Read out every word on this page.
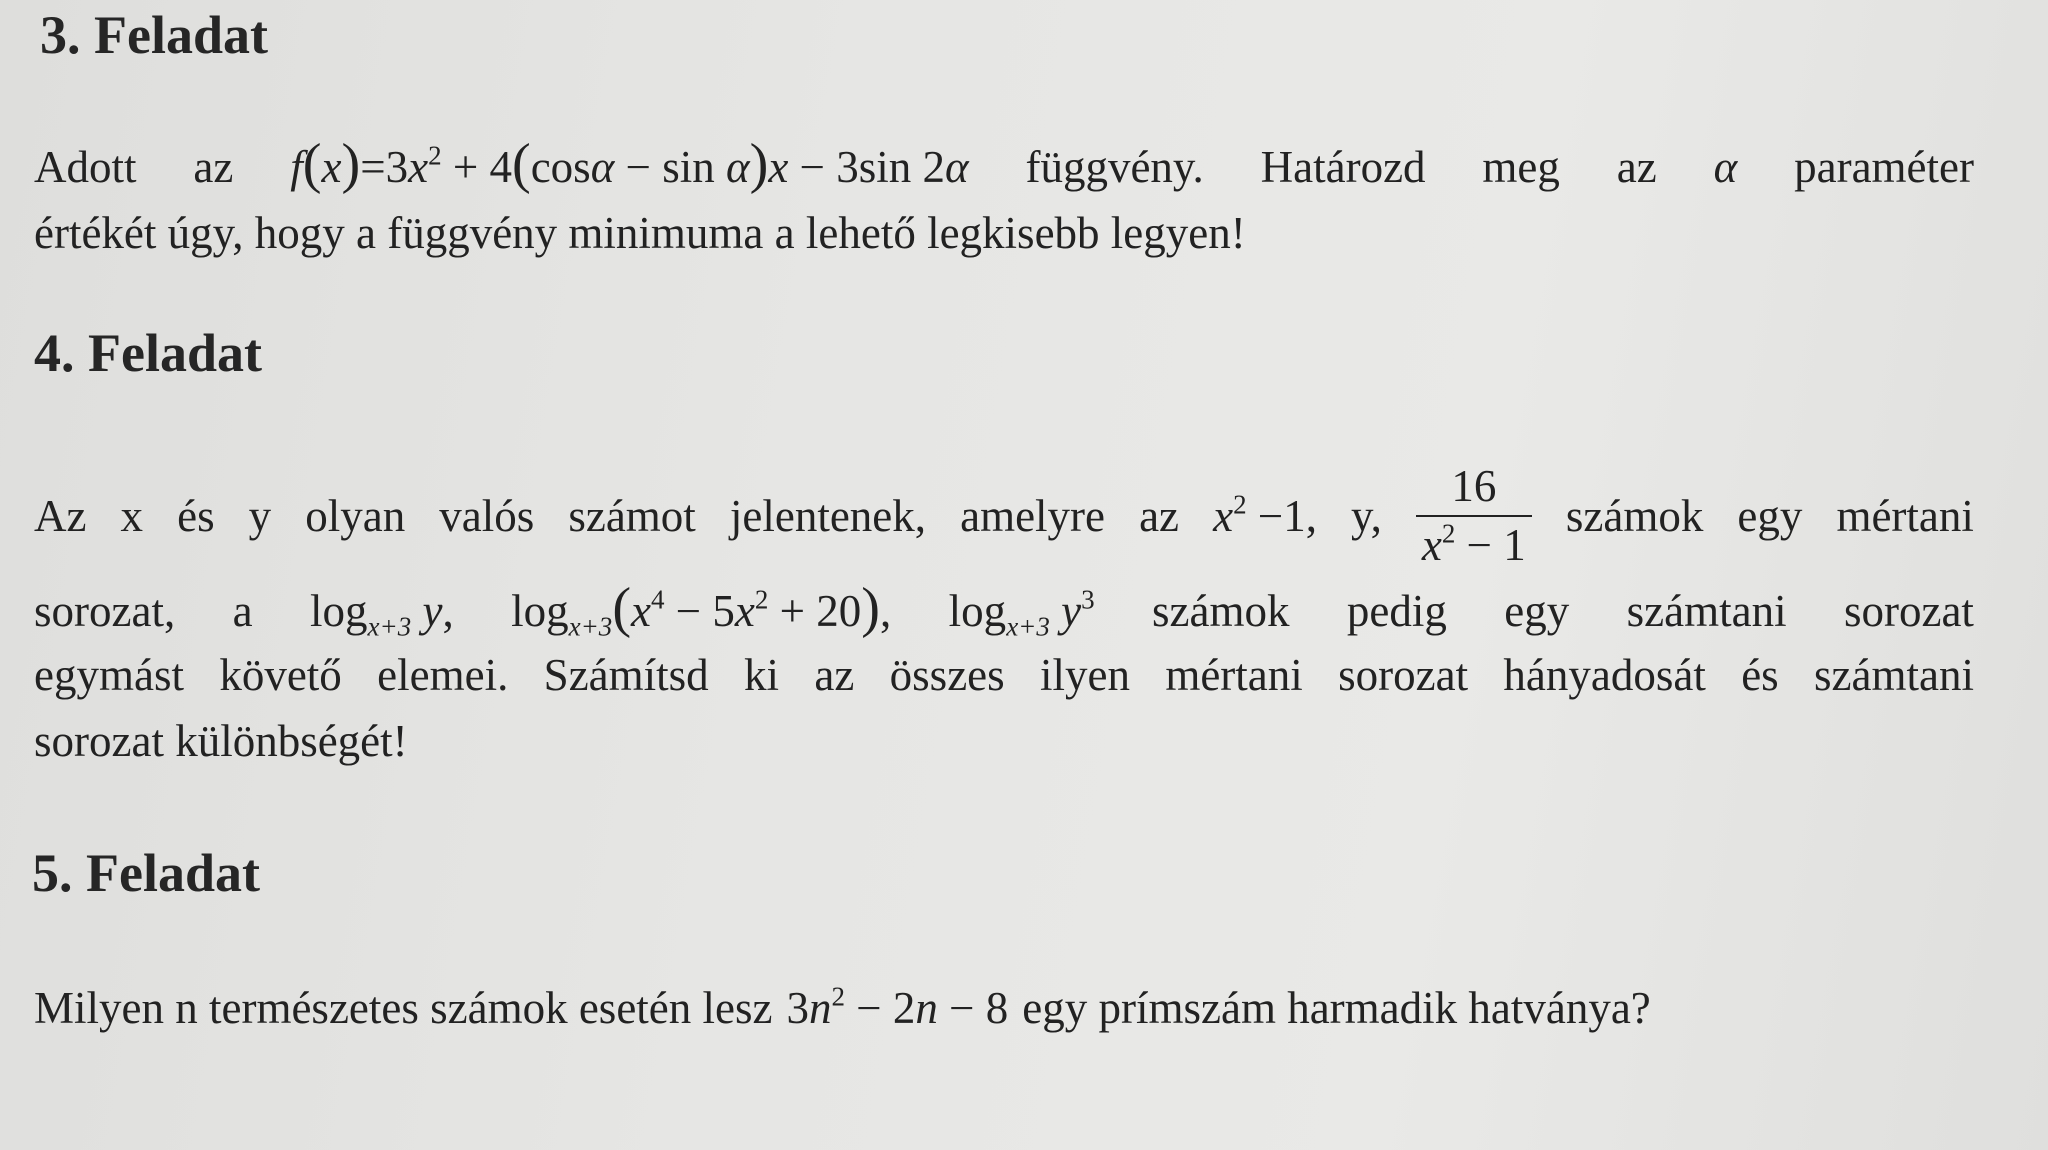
3. Feladat
Adott az $f(x)=3x^2 + 4(\cos\alpha - \sin \alpha)x - 3\sin$ 2α függvény. Határozd meg az α paraméter
értékét úgy, hogy a függvény minimuma a lehető legkisebb legyen!
4. Feladat
Az x és y olyan valós számot jelentenek, amelyre az $x^2 -1$, y, $\frac{16}{x^2 - 1}$ számok egy mértani
sorozat, a $\log_{x+3} y$, $\log_{x+3}(x^4 - 5x^2 + 20)$, $\log_{x+3} y^3$ számok pedig egy számtani sorozat
egymást követő elemei. Számítsd ki az összes ilyen mértani sorozat hányadosát és számtani
sorozat különbségét!
5. Feladat
Milyen n természetes számok esetén lesz $3n^2 - 2n - 8$ egy prímszám harmadik hatványa?
